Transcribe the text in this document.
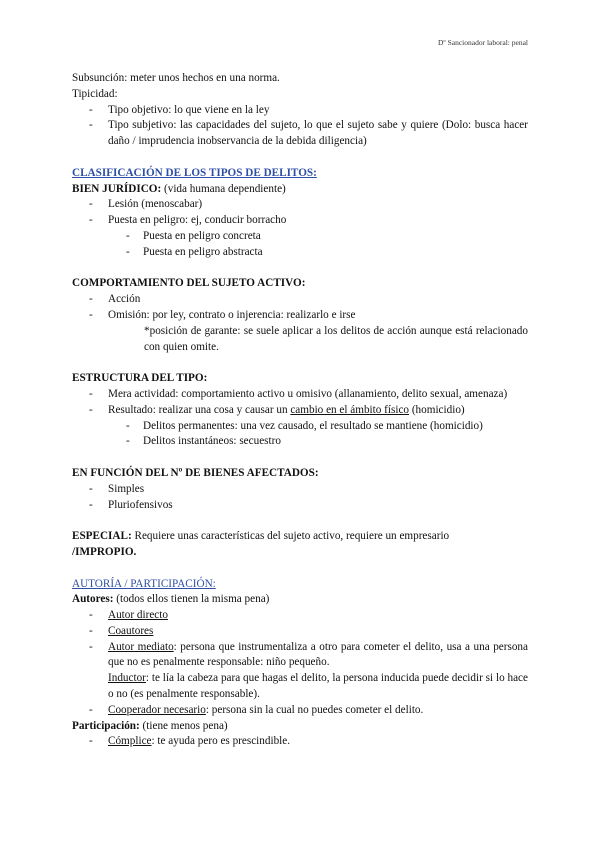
Dº Sancionador laboral: penal

Subsunción: meter unos hechos en una norma.

Tipicidad:

- Tipo objetivo: lo que viene en la ley
- Tipo subjetivo: las capacidades del sujeto, lo que el sujeto sabe y quiere (Dolo: busca hacer daño / imprudencia inobservancia de la debida diligencia)

CLASIFICACIÓN DE LOS TIPOS DE DELITOS:

BIEN JURÍDICO: (vida humana dependiente)

- Lesión (menoscabar)
- Puesta en peligro: ej, conducir borracho
- Puesta en peligro concreta
- Puesta en peligro abstracta

COMPORTAMIENTO DEL SUJETO ACTIVO:

- Acción
- Omisión: por ley, contrato o injerencia: realizarlo e irse

*posición de garante: se suele aplicar a los delitos de acción aunque está relacionado con quien omite.

ESTRUCTURA DEL TIPO:

- Mera actividad: comportamiento activo u omisivo (allanamiento, delito sexual, amenaza)
- Resultado: realizar una cosa y causar un cambio en el ámbito físico (homicidio)
- Delitos permanentes: una vez causado, el resultado se mantiene (homicidio)
- Delitos instantáneos: secuestro

EN FUNCIÓN DEL Nº DE BIENES AFECTADOS:

- Simples
- Pluriofensivos

ESPECIAL: Requiere unas características del sujeto activo, requiere un empresario

/IMPROPIO.

AUTORÍA / PARTICIPACIÓN:

Autores: (todos ellos tienen la misma pena)

- Autor directo
- Coautores
- Autor mediato: persona que instrumentaliza a otro para cometer el delito, usa a una persona que no es penalmente responsable: niño pequeño.

Inductor: te lía la cabeza para que hagas el delito, la persona inducida puede decidir si lo hace o no (es penalmente responsable).

- Cooperador necesario: persona sin la cual no puedes cometer el delito.

Participación: (tiene menos pena)

- Cómplice: te ayuda pero es prescindible.
